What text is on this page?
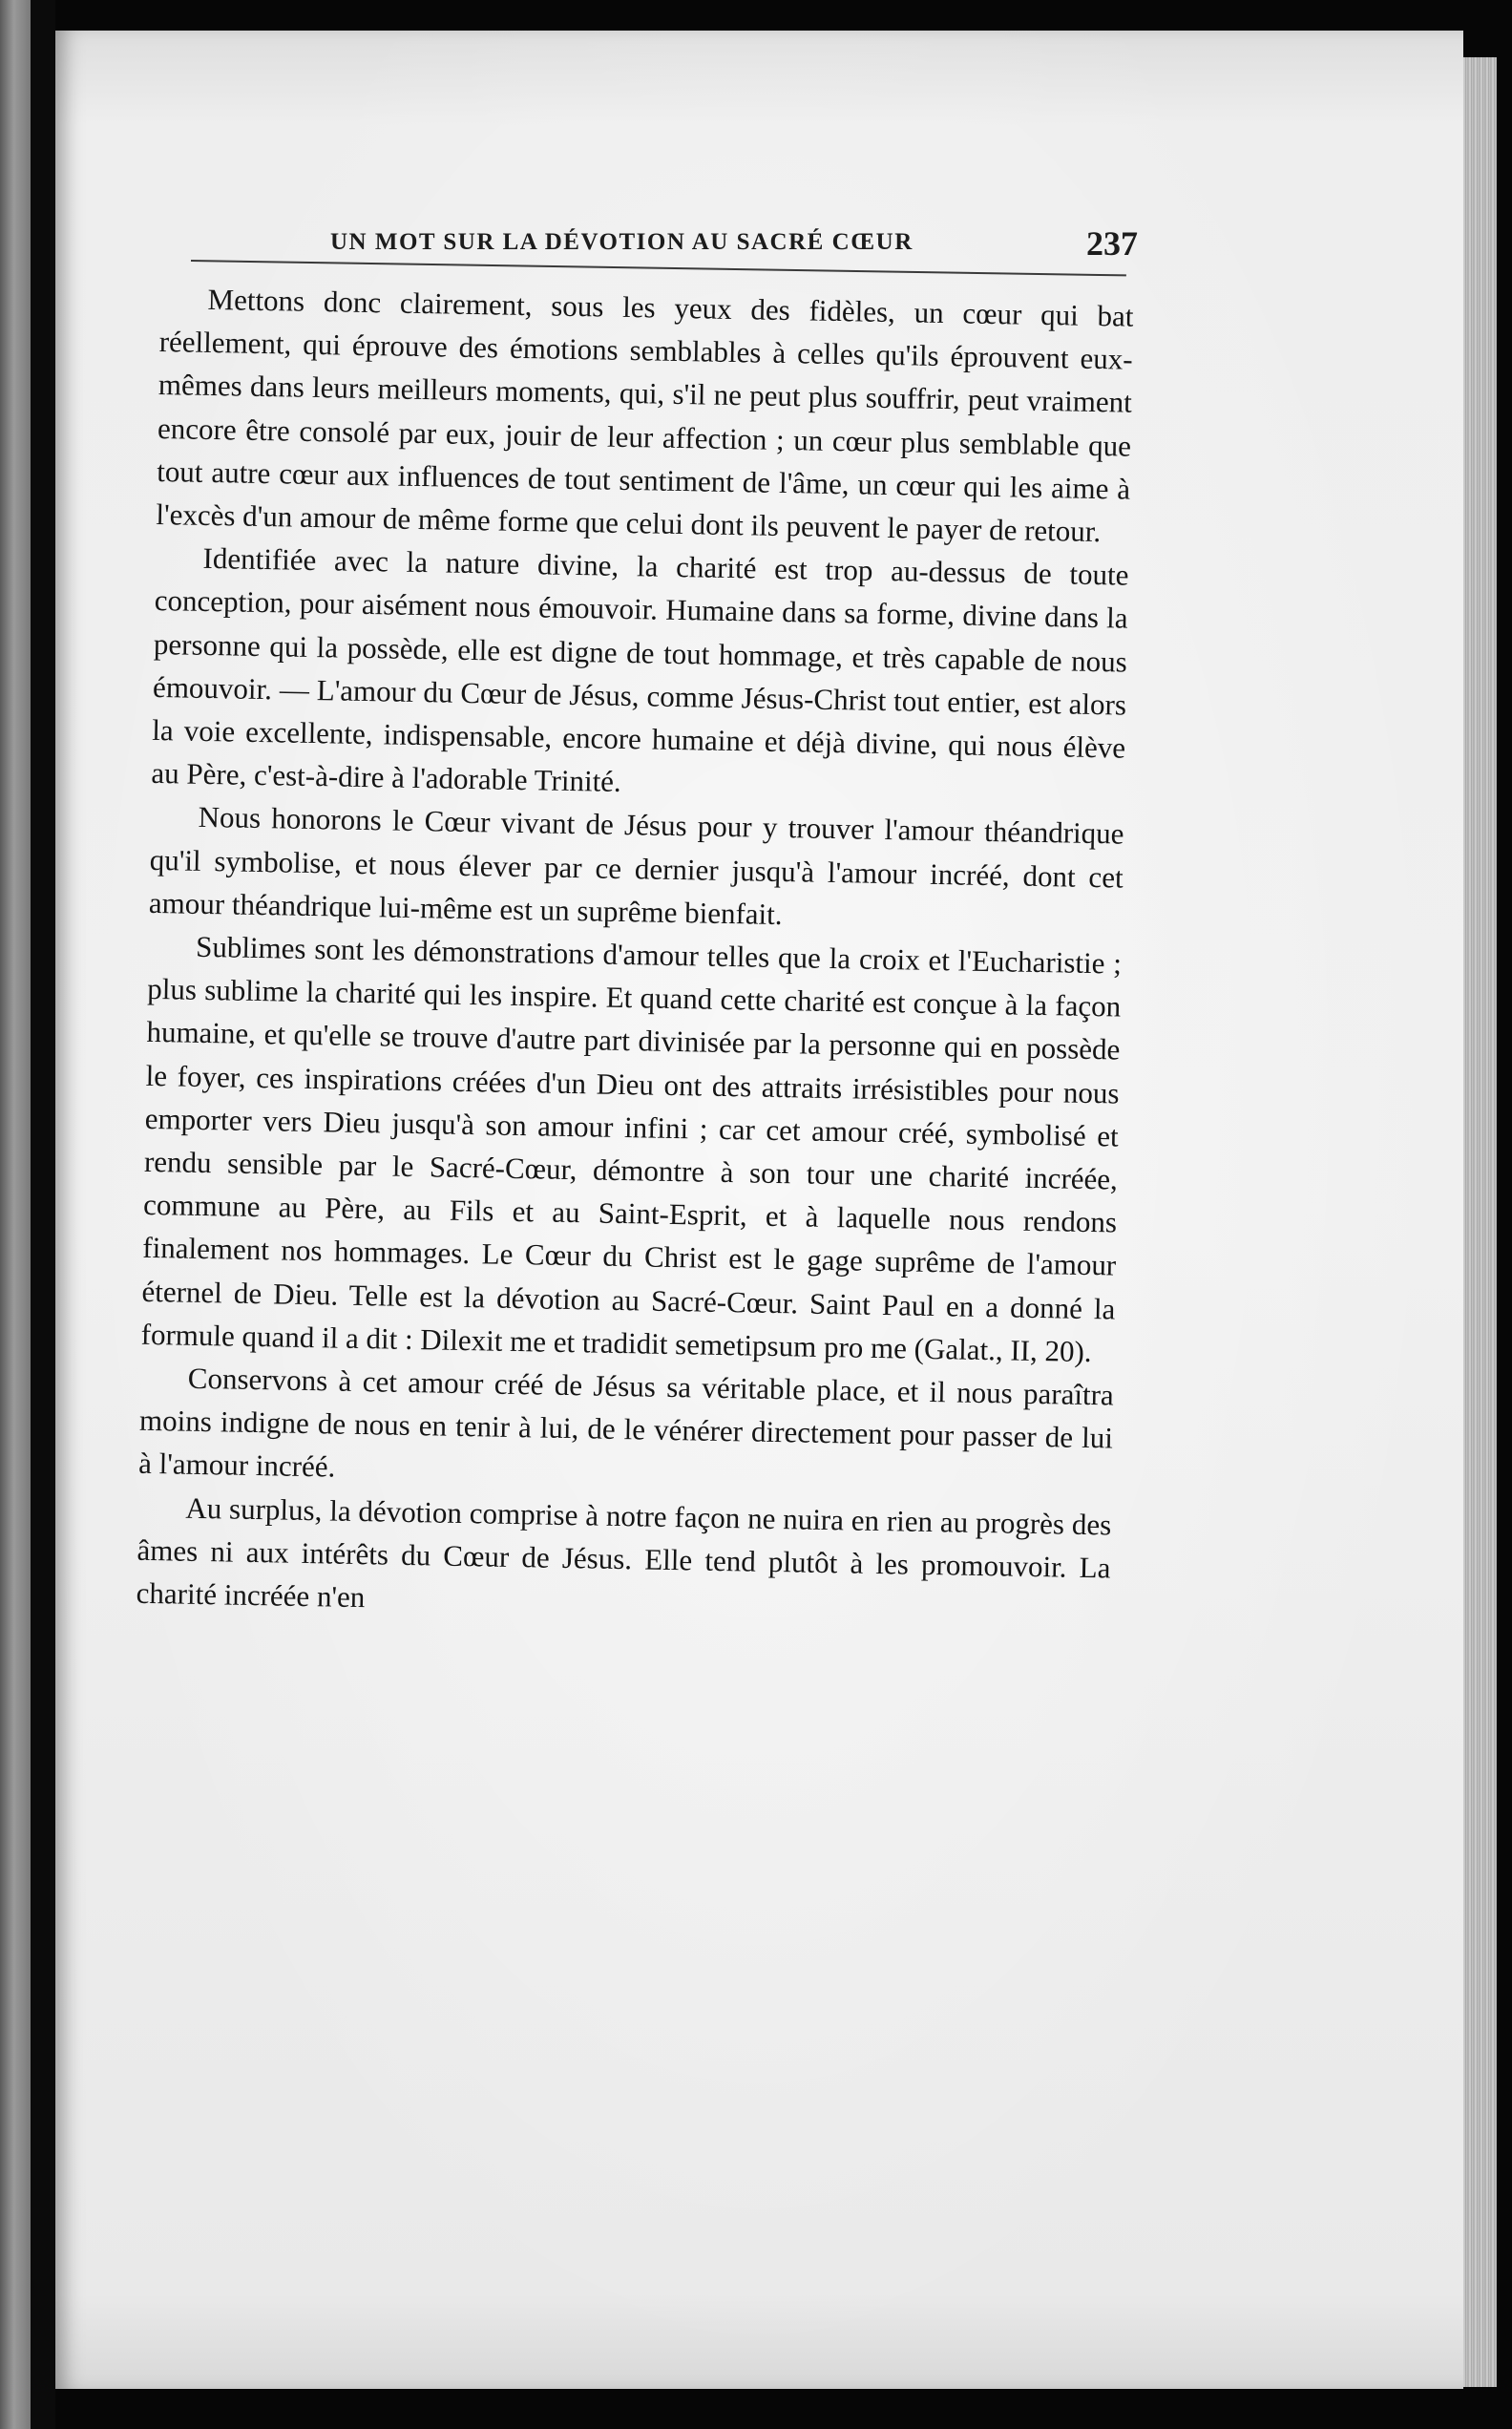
UN MOT SUR LA DÉVOTION AU SACRÉ CŒUR	237

Mettons donc clairement, sous les yeux des fidèles, un cœur qui bat réellement, qui éprouve des émotions semblables à celles qu'ils éprouvent eux-mêmes dans leurs meilleurs moments, qui, s'il ne peut plus souffrir, peut vraiment encore être consolé par eux, jouir de leur affection ; un cœur plus semblable que tout autre cœur aux influences de tout sentiment de l'âme, un cœur qui les aime à l'excès d'un amour de même forme que celui dont ils peuvent le payer de retour.

Identifiée avec la nature divine, la charité est trop au-dessus de toute conception, pour aisément nous émouvoir. Humaine dans sa forme, divine dans la personne qui la possède, elle est digne de tout hommage, et très capable de nous émouvoir. — L'amour du Cœur de Jésus, comme Jésus-Christ tout entier, est alors la voie excellente, indispensable, encore humaine et déjà divine, qui nous élève au Père, c'est-à-dire à l'adorable Trinité.

Nous honorons le Cœur vivant de Jésus pour y trouver l'amour théandrique qu'il symbolise, et nous élever par ce dernier jusqu'à l'amour incréé, dont cet amour théandrique lui-même est un suprême bienfait.

Sublimes sont les démonstrations d'amour telles que la croix et l'Eucharistie ; plus sublime la charité qui les inspire. Et quand cette charité est conçue à la façon humaine, et qu'elle se trouve d'autre part divinisée par la personne qui en possède le foyer, ces inspirations créées d'un Dieu ont des attraits irrésistibles pour nous emporter vers Dieu jusqu'à son amour infini ; car cet amour créé, symbolisé et rendu sensible par le Sacré-Cœur, démontre à son tour une charité incréée, commune au Père, au Fils et au Saint-Esprit, et à laquelle nous rendons finalement nos hommages. Le Cœur du Christ est le gage suprême de l'amour éternel de Dieu. Telle est la dévotion au Sacré-Cœur. Saint Paul en a donné la formule quand il a dit : Dilexit me et tradidit semetipsum pro me (Galat., II, 20).

Conservons à cet amour créé de Jésus sa véritable place, et il nous paraîtra moins indigne de nous en tenir à lui, de le vénérer directement pour passer de lui à l'amour incréé.

Au surplus, la dévotion comprise à notre façon ne nuira en rien au progrès des âmes ni aux intérêts du Cœur de Jésus. Elle tend plutôt à les promouvoir. La charité incréée n'en
